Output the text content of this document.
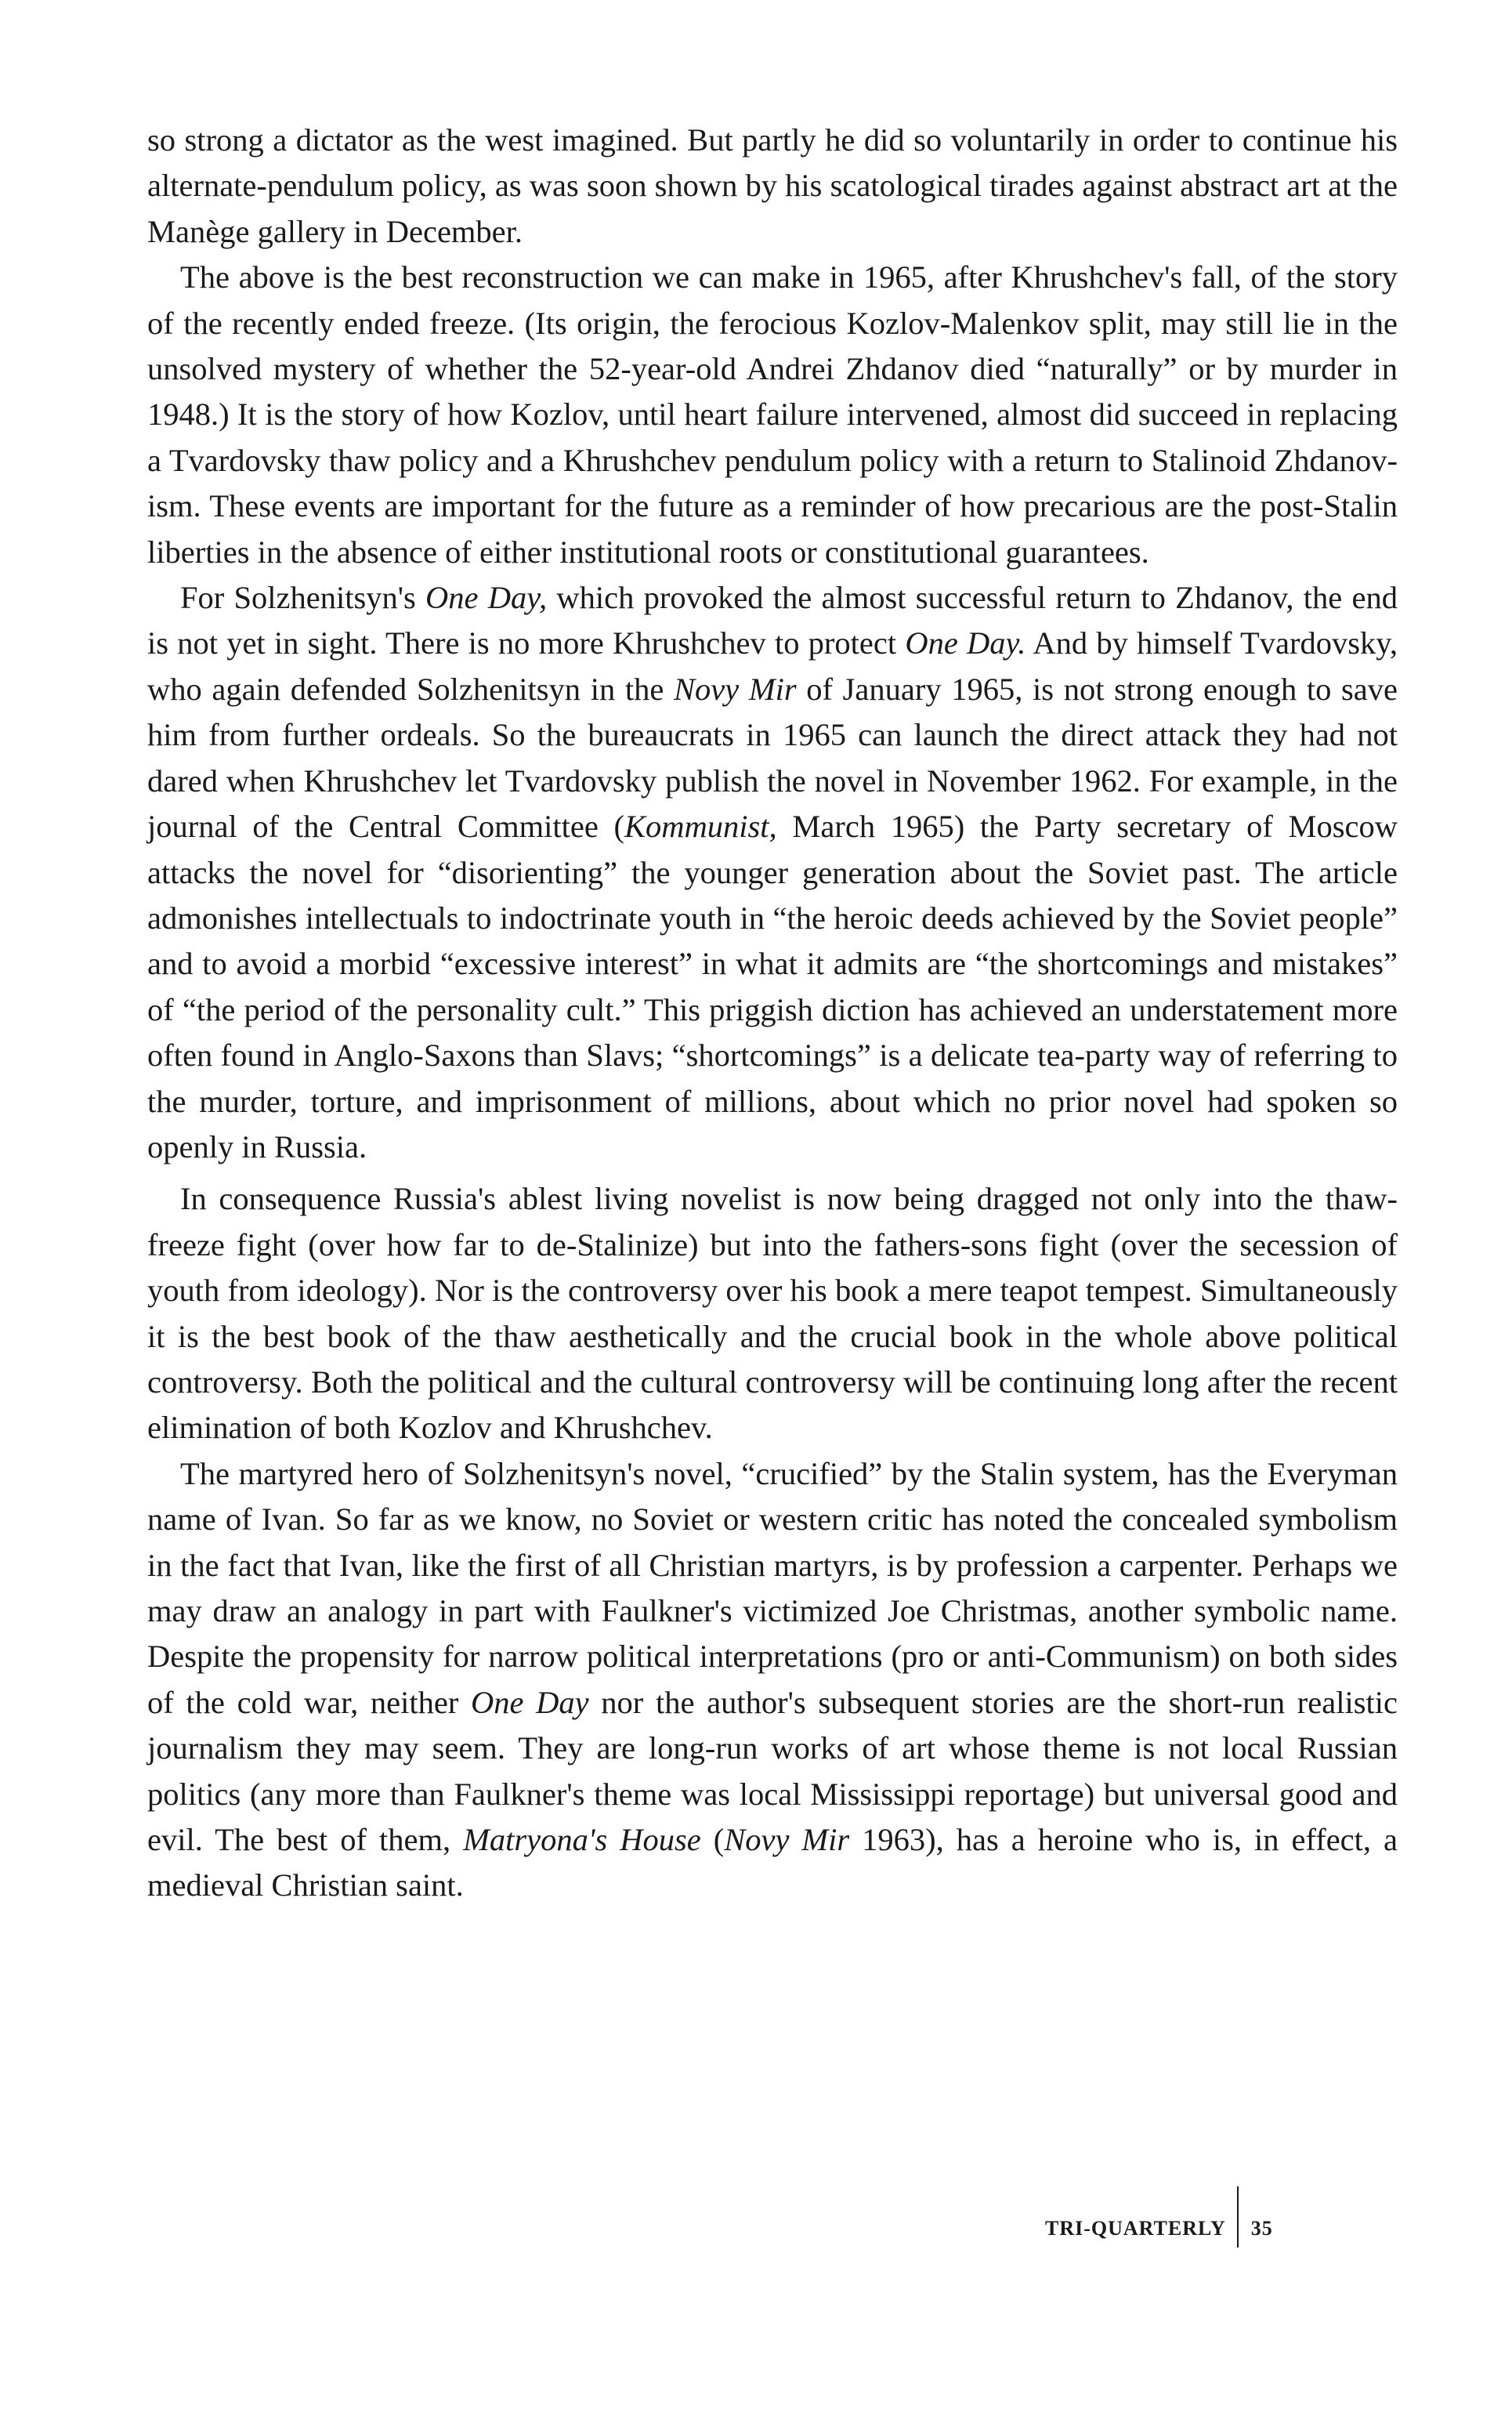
so strong a dictator as the west imagined. But partly he did so voluntarily in order to continue his alternate-pendulum policy, as was soon shown by his scatological tirades against abstract art at the Manège gallery in December.

The above is the best reconstruction we can make in 1965, after Khrushchev's fall, of the story of the recently ended freeze. (Its origin, the ferocious Kozlov-Malenkov split, may still lie in the unsolved mystery of whether the 52-year-old Andrei Zhdanov died “naturally” or by murder in 1948.) It is the story of how Kozlov, until heart failure intervened, almost did succeed in replacing a Tvardovsky thaw policy and a Khrushchev pendulum policy with a return to Stalinoid Zhdanov-ism. These events are important for the future as a reminder of how precarious are the post-Stalin liberties in the absence of either institutional roots or constitutional guarantees.

For Solzhenitsyn's One Day, which provoked the almost successful return to Zhdanov, the end is not yet in sight. There is no more Khrushchev to protect One Day. And by himself Tvardovsky, who again defended Solzhenitsyn in the Novy Mir of January 1965, is not strong enough to save him from further ordeals. So the bureaucrats in 1965 can launch the direct attack they had not dared when Khrushchev let Tvardovsky publish the novel in November 1962. For example, in the journal of the Central Committee (Kommunist, March 1965) the Party secretary of Moscow attacks the novel for “disorienting” the younger generation about the Soviet past. The article admonishes intellectuals to indoctrinate youth in “the heroic deeds achieved by the Soviet people” and to avoid a morbid “excessive interest” in what it admits are “the shortcomings and mistakes” of “the period of the personality cult.” This priggish diction has achieved an understatement more often found in Anglo-Saxons than Slavs; “shortcomings” is a delicate tea-party way of referring to the murder, torture, and imprisonment of millions, about which no prior novel had spoken so openly in Russia.

In consequence Russia's ablest living novelist is now being dragged not only into the thaw-freeze fight (over how far to de-Stalinize) but into the fathers-sons fight (over the secession of youth from ideology). Nor is the controversy over his book a mere teapot tempest. Simultaneously it is the best book of the thaw aesthetically and the crucial book in the whole above political controversy. Both the political and the cultural controversy will be continuing long after the recent elimination of both Kozlov and Khrushchev.

The martyred hero of Solzhenitsyn's novel, “crucified” by the Stalin system, has the Everyman name of Ivan. So far as we know, no Soviet or western critic has noted the concealed symbolism in the fact that Ivan, like the first of all Christian martyrs, is by profession a carpenter. Perhaps we may draw an analogy in part with Faulkner's victimized Joe Christmas, another symbolic name. Despite the propensity for narrow political interpretations (pro or anti-Communism) on both sides of the cold war, neither One Day nor the author's subsequent stories are the short-run realistic journalism they may seem. They are long-run works of art whose theme is not local Russian politics (any more than Faulkner's theme was local Mississippi reportage) but universal good and evil. The best of them, Matryona's House (Novy Mir 1963), has a heroine who is, in effect, a medieval Christian saint.

TRI-QUARTERLY	35
